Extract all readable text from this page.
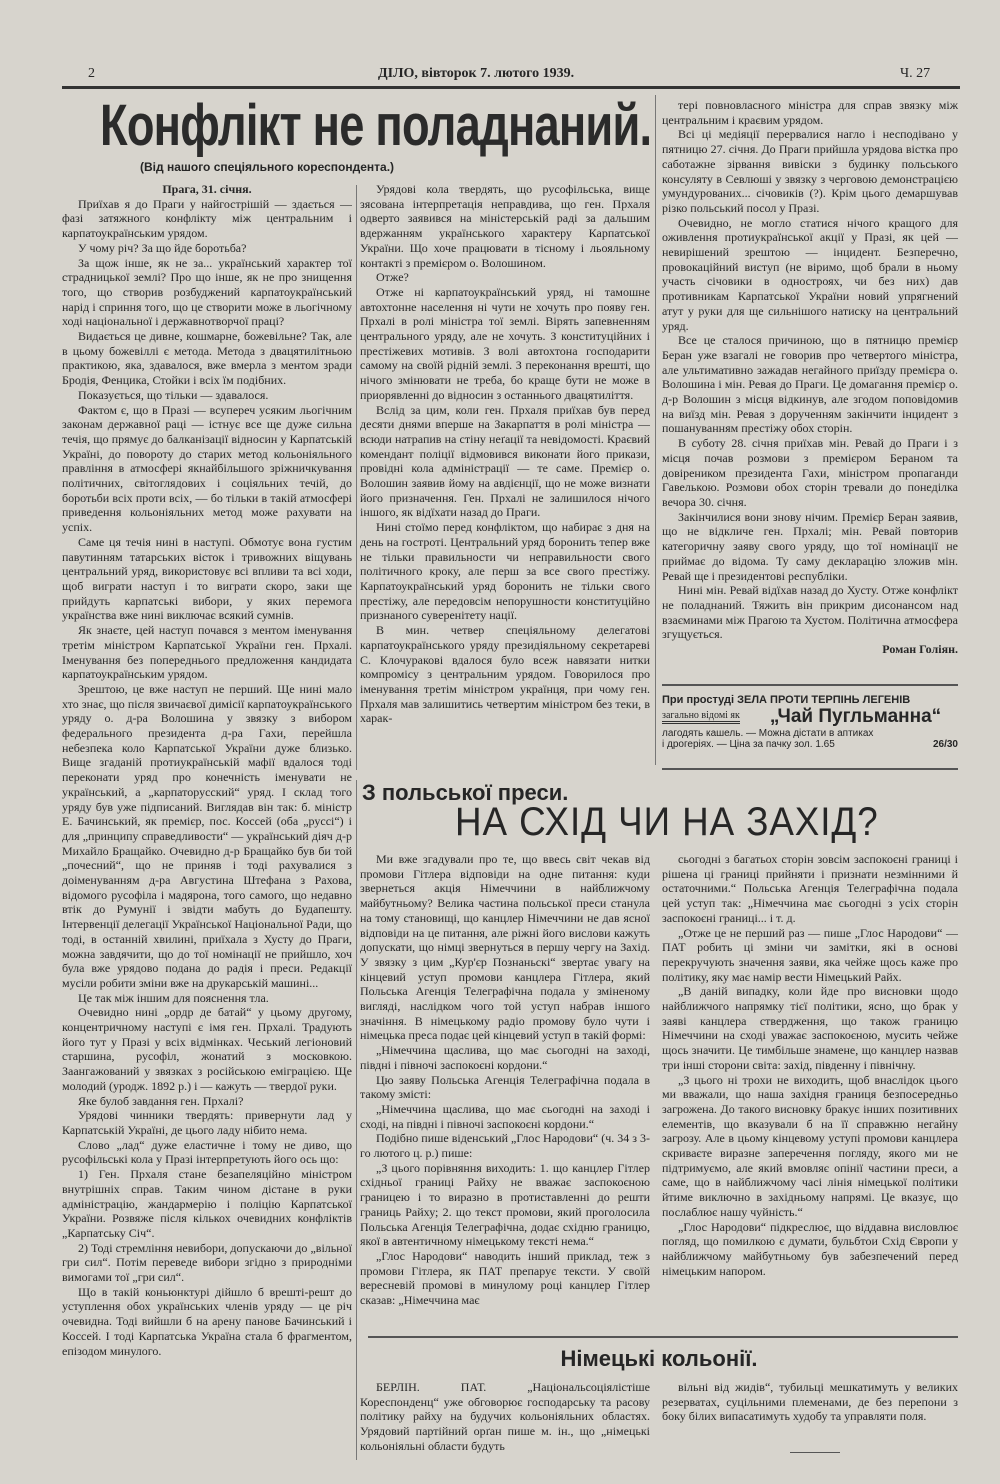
2	ДІЛО, вівторок 7. лютого 1939.	Ч. 27
Конфлікт не поладнаний.
(Від нашого спеціяльного кореспондента.)

Прага, 31. січня.

Приїхав я до Праги у найгострішій — здається — фазі затяжного конфлікту між центральним і карпатоукраїнським урядом.

У чому річ? За що йде боротьба?

За щож інше, як не за... український характер тої страдницької землі? Про що інше, як не про знищення того, що створив розбуджений карпатоукраїнський нарід і сприння того, що це створити може в льогічному ході національної і державнотворчої праці?

Видається це дивне, кошмарне, божевільне? Так, але в цьому божевіллі є метода. Метода з двацятилітньою практикою, яка, здавалося, вже вмерла з ментом зради Бродія, Фенцика, Стойки і всіх їм подібних.

Показується, що тільки — здавалося.

Фактом є, що в Празі — всупереч усяким льогічним законам державної раці — істнує все ще дуже сильна течія, що прямує до балканізації відносин у Карпатській Україні, до повороту до старих метод кольоніяльного правління в атмосфері якнайбільшого зріжничкування політичних, світоглядових і соціяльних течій, до боротьби всіх проти всіх, — бо тільки в такій атмосфері приведення кольоніяльних метод може рахувати на успіх.

Саме ця течія нині в наступі. Обмотує вона густим павутинням татарських вісток і тривожних віщувань центральний уряд, використовує всі впливи та всі ходи, щоб виграти наступ і то виграти скоро, заки ще прийдуть карпатські вибори, у яких перемога українства вже нині виключає всякий сумнів.

Як знаєте, цей наступ почався з ментом іменування третім міністром Карпатської України ген. Прхалі. Іменування без попереднього предложення кандидата карпатоукраїнським урядом.

Зрештою, це вже наступ не перший. Ще нині мало хто знає, що після звичаєвої димісії карпатоукраїнського уряду о. д-ра Волошина у звязку з вибором федерального президента д-ра Гахи, перейшла небезпека коло Карпатської України дуже близько. Вище згаданій протиукраїнській мафії вдалося тоді переконати уряд про конечність іменувати не український, а „карпаторусский“ уряд. І склад того уряду був уже підписаний. Виглядав він так: б. міністр Е. Бачинський, як премієр, пос. Коссей (оба „руссі“) і для „принципу справедливости“ — український діяч д-р Михайло Бращайко. Очевидно д-р Бращайко був би той „почесний“, що не приняв і тоді рахувалися з доіменуванням д-ра Августина Штефана з Рахова, відомого русофіла і мадярона, того самого, що недавно втік до Румунії і звідти мабуть до Будапешту. Інтервенції делегації Української Національної Ради, що тоді, в останній хвилині, приїхала з Хусту до Праги, можна завдячити, що до тої номінації не прийшло, хоч була вже урядово подана до радія і преси. Редакції мусіли робити зміни вже на друкарській машині...

Це так між іншим для пояснення тла.

Очевидно нині „ордр де батай“ у цьому другому, концентричному наступі є імя ген. Прхалі. Традують його тут у Празі у всіх відмінках. Чеський легіоновий старшина, русофіл, жонатий з московкою. Заангажований у звязках з російською еміграцією. Ще молодий (уродж. 1892 р.) і — кажуть — твердої руки.

Яке булоб завдання ген. Прхалі?

Урядові чинники твердять: привернути лад у Карпатській Україні, де цього ладу нібито нема.

Слово „лад“ дуже еластичне і тому не диво, що русофільські кола у Празі інтерпретують його ось що:

1) Ген. Прхаля стане безапеляційно міністром внутрішніх справ. Таким чином дістане в руки адміністрацію, жандармерію і поліцію Карпатської України. Розвяже після кількох очевидних конфліктів „Карпатську Січ“.

2) Тоді стремління невибори, допускаючи до „вільної гри сил“. Потім переведе вибори згідно з природніми вимогами тої „гри сил“.

Що в такій коньюнктурі дійшло б врешті-решт до уступлення обох українських членів уряду — це річ очевидна. Тоді вийшли б на арену панове Бачинський і Коссей. І тоді Карпатська Україна стала б фрагментом, епізодом минулого.

Урядові кола твердять, що русофільська, вище зясована інтерпретація неправдива, що ген. Прхаля одверто заявився на міністерській раді за дальшим вдержанням українського характеру Карпатської України. Що хоче працювати в тісному і льояльному контакті з премієром о. Волошином.

Отже?

Отже ні карпатоукраїнський уряд, ні тамошне автохтонне населення ні чути не хочуть про появу ген. Прхалі в ролі міністра тої землі. Вірять запевненням центрального уряду, але не хочуть. З конституційних і престіжевих мотивів. З волі автохтона господарити самому на своїй рідній землі. З переконання врешті, що нічого змінювати не треба, бо краще бути не може в приорявленні до відносин з останнього двацятиліття.

Вслід за цим, коли ген. Прхаля приїхав був перед десяти днями вперше на Закарпаття в ролі міністра — всюди натрапив на стіну неґації та невідомості. Краєвий комендант поліції відмовився виконати його прикази, провідні кола адміністрації — те саме. Премієр о. Волошин заявив йому на авдієнції, що не може визнати його призначення. Ген. Прхалі не залишилося нічого іншого, як відїхати назад до Праги.

Нині стоїмо перед конфліктом, що набирає з дня на день на гостроті. Центральний уряд боронить тепер вже не тільки правильности чи неправильности свого політичного кроку, але перш за все свого престіжу. Карпатоукраїнський уряд боронить не тільки свого престіжу, але передовсім непорушности конституційно признаного суверенітету нації.

В мин. четвер спеціяльному делегатові карпатоукраїнського уряду президіяльному секретареві С. Клочуракові вдалося було всеж навязати нитки компромісу з центральним урядом. Говорилося про іменування третім міністром українця, при чому ген. Прхаля мав залишитись четвертим міністром без теки, в харак-

тері повновласного міністра для справ звязку між центральним і краєвим урядом.

Всі ці медіяції перервалися нагло і несподівано у пятницю 27. січня. До Праги прийшла урядова вістка про саботажне зірвання вивіски з будинку польського консуляту в Севлюші у звязку з черговою демонстрацією умундурованих... січовиків (?). Крім цього демаршував різко польський посол у Празі.

Очевидно, не могло статися нічого кращого для оживлення протиукраїнської акції у Празі, як цей — невирішений зрештою — інцидент. Безперечно, провокаційний виступ (не віримо, щоб брали в ньому участь січовики в одностроях, чи без них) дав противникам Карпатської України новий упрягнений атут у руки для ще сильнішого натиску на центральний уряд.

Все це сталося причиною, що в пятницю премієр Беран уже взагалі не говорив про четвертого міністра, але ультимативно зажадав негайного приїзду премієра о. Волошина і мін. Ревая до Праги. Це домагання премієр о. д-р Волошин з місця відкинув, але згодом поповідомив на виїзд мін. Ревая з дорученням закінчити інцидент з пошануванням престіжу обох сторін.

В суботу 28. січня приїхав мін. Ревай до Праги і з місця почав розмови з премієром Бераном та довіреником президента Гахи, міністром пропаганди Гавелькою. Розмови обох сторін тревали до понеділка вечора 30. січня.

Закінчилися вони знову нічим. Премієр Беран заявив, що не відкличе ген. Прхалі; мін. Ревай повторив категоричну заяву свого уряду, що тої номінації не приймає до відома. Ту саму декларацію зложив мін. Ревай ще і президентові республіки.

Нині мін. Ревай відїхав назад до Хусту. Отже конфлікт не поладнаний. Тяжить він прикрим дисонансом над взаєминами між Прагою та Хустом. Політична атмосфера згущується.

Роман Голіян.

При простуді ЗЕЛА ПРОТИ ТЕРПІНЬ ЛЕГЕНІВ
загально відомі як „Чай Пугльманна“
лагодять кашель. — Можна дістати в аптиках
і дрогеріях. — Ціна за пачку зол. 1.65	26/30
З польської преси.
НА СХІД ЧИ НА ЗАХІД?

Ми вже згадували про те, що ввесь світ чекав від промови Гітлера відповіди на одне питання: куди звернеться акція Німеччини в найближчому майбутньому? Велика частина польської преси станула на тому становищі, що канцлер Німеччини не дав ясної відповіди на це питання, але ріжні його вислови кажуть допускати, що німці звернуться в першу чергу на Захід. У звязку з цим „Кур'єр Познаньскі“ звертає увагу на кінцевий уступ промови канцлера Гітлера, який Польська Агенція Телеграфічна подала у зміненому вигляді, наслідком чого той уступ набрав іншого значіння. В німецькому радіо промову було чути і німецька преса подає цей кінцевий уступ в такій формі:

„Німеччина щаслива, що має сьогодні на заході, півдні і півночі заспокоєні кордони.“

Цю заяву Польська Агенція Телеграфічна подала в такому змісті:

„Німеччина щаслива, що має сьогодні на заході і сході, на півдні і півночі заспокоєні кордони.“

Подібно пише віденський „Глос Народови“ (ч. 34 з 3-го лютого ц. р.) пише:

„З цього порівняння виходить: 1. що канцлер Гітлер східньої границі Райху не вважає заспокоєною границею і то виразно в протиставленні до решти границь Райху; 2. що текст промови, який проголосила Польська Агенція Телеграфічна, додає східню границю, якої в автентичному німецькому тексті нема.“

„Глос Народови“ наводить інший приклад, теж з промови Гітлера, як ПАТ препарує тексти. У своїй вересневій промові в минулому році канцлер Гітлер сказав: „Німеччина має

сьогодні з багатьох сторін зовсім заспокоєні границі і рішена ці границі прийняти і признати незмінними й остаточними.“ Польська Агенція Телеграфічна подала цей уступ так: „Німеччина має сьогодні з усіх сторін заспокоєні границі... і т. д.

„Отже це не перший раз — пише „Глос Народови“ — ПАТ робить ці зміни чи замітки, які в основі перекручують значення заяви, яка чейже щось каже про політику, яку має намір вести Німецький Райх.

„В даній випадку, коли йде про висновки щодо найближчого напрямку тієї політики, ясно, що брак у заяві канцлера ствердження, що також границю Німеччини на сході уважає заспокоєною, мусить чейже щось значити. Це тимбільше знамене, що канцлер назвав три інші сторони світа: захід, південну і північну.

„З цього ні трохи не виходить, щоб внаслідок цього ми вважали, що наша західня границя безпосередньо загрожена. До такого висновку бракує інших позитивних елементів, що вказували б на її справжню негайну загрозу. Але в цьому кінцевому уступі промови канцлера скриваєте виразне заперечення погляду, якого ми не підтримуємо, але який вмовляє опінії частини преси, а саме, що в найближчому часі лінія німецької політики йтиме виключно в західньому напрямі. Це вказує, що послаблює нашу чуйність.“

„Глос Народови“ підкреслює, що віддавна висловлює погляд, що помилкою є думати, бульбтои Схід Європи у найближчому майбутньому був забезпечений перед німецьким напором.

Німецькі кольонії.

БЕРЛІН. ПАТ. „Національсоціялістіше Кореспонденц“ уже обговорює господарську та расову політику райху на будучих кольоніяльних областях. Урядовий партійний орґан пише м. ін., що „німецькі кольоніяльні области будуть

вільні від жидів“, тубильці мешкатимуть у великих резерватах, суцільними племенами, де без перепони з боку білих випасатимуть худобу та управляти поля.
